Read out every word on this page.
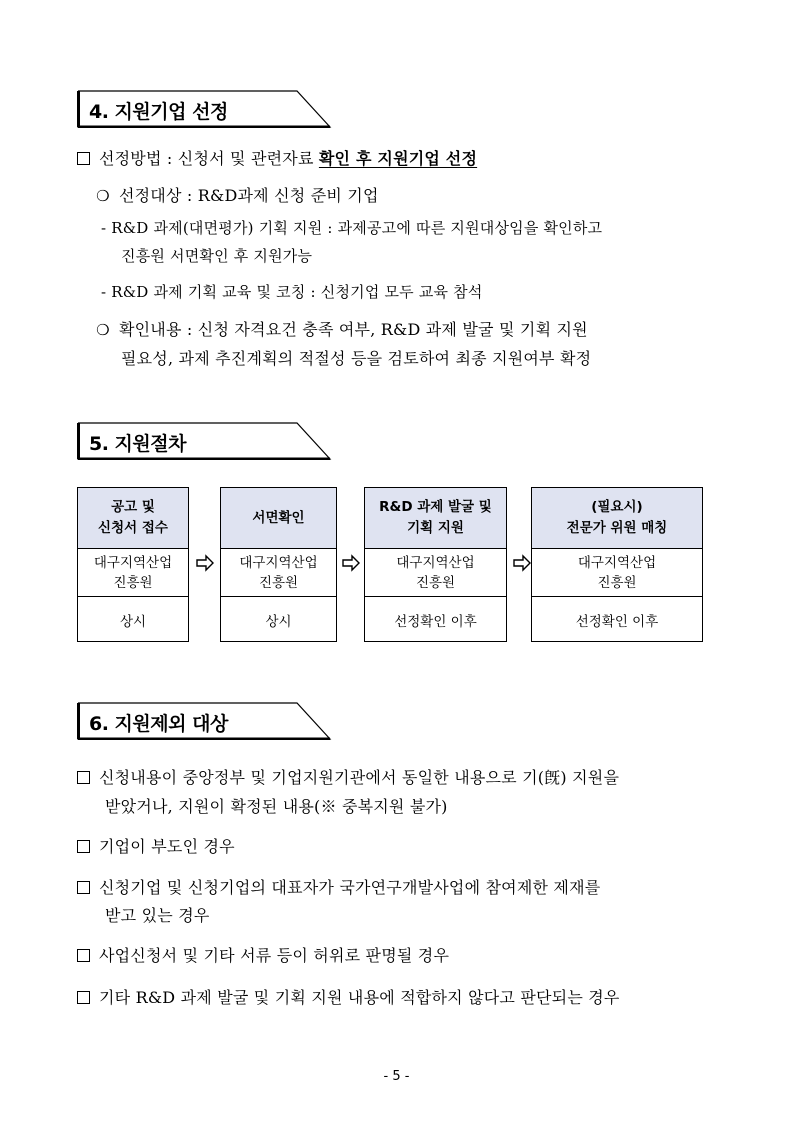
4. 지원기업 선정
선정방법 : 신청서 및 관련자료 확인 후 지원기업 선정
❍ 선정대상 : R&D과제 신청 준비 기업
- R&D 과제(대면평가) 기획 지원 : 과제공고에 따른 지원대상임을 확인하고
진흥원 서면확인 후 지원가능
- R&D 과제 기획 교육 및 코칭 : 신청기업 모두 교육 참석
❍ 확인내용 : 신청 자격요건 충족 여부, R&D 과제 발굴 및 기획 지원
필요성, 과제 추진계획의 적절성 등을 검토하여 최종 지원여부 확정
5. 지원절차
공고 및
신청서 접수
대구지역산업
진흥원
상시
서면확인
대구지역산업
진흥원
상시
R&D 과제 발굴 및
기획 지원
대구지역산업
진흥원
선정확인 이후
(필요시)
전문가 위원 매칭
대구지역산업
진흥원
선정확인 이후
6. 지원제외 대상
신청내용이 중앙정부 및 기업지원기관에서 동일한 내용으로 기(旣) 지원을
받았거나, 지원이 확정된 내용(※ 중복지원 불가)
기업이 부도인 경우
신청기업 및 신청기업의 대표자가 국가연구개발사업에 참여제한 제재를
받고 있는 경우
사업신청서 및 기타 서류 등이 허위로 판명될 경우
기타 R&D 과제 발굴 및 기획 지원 내용에 적합하지 않다고 판단되는 경우
- 5 -
